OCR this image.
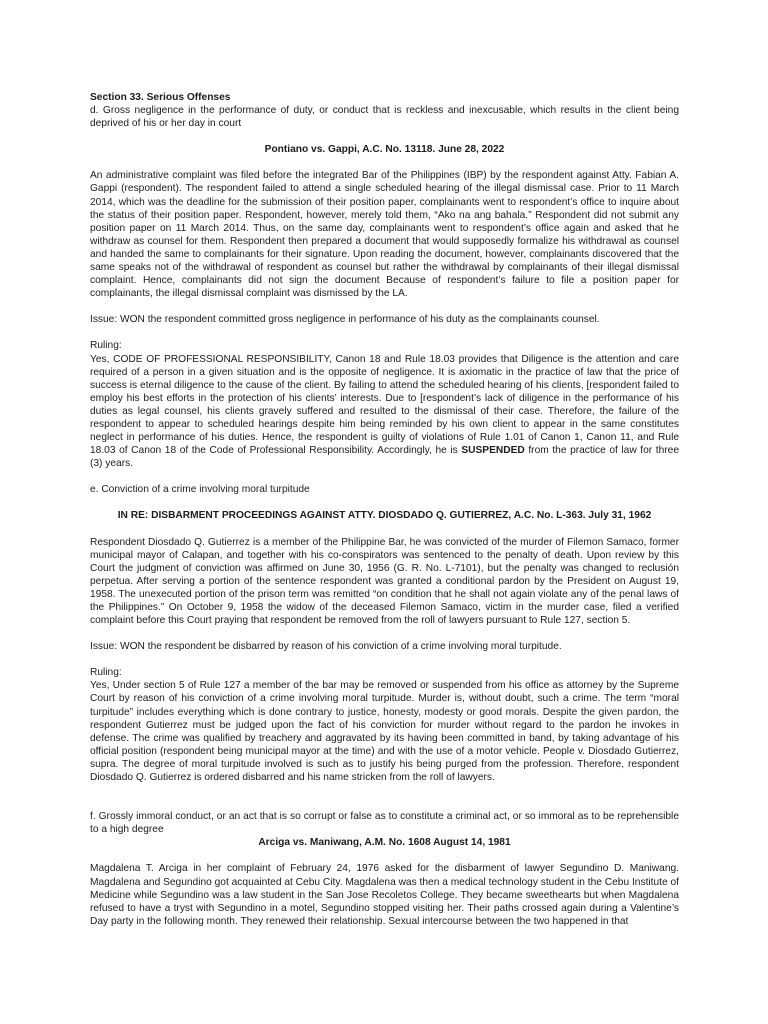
Section 33. Serious Offenses

d. Gross negligence in the performance of duty, or conduct that is reckless and inexcusable, which results in the client being deprived of his or her day in court

Pontiano vs. Gappi, A.C. No. 13118. June 28, 2022

An administrative complaint was filed before the integrated Bar of the Philippines (IBP) by the respondent against Atty. Fabian A. Gappi (respondent). The respondent failed to attend a single scheduled hearing of the illegal dismissal case. Prior to 11 March 2014, which was the deadline for the submission of their position paper, complainants went to respondent’s office to inquire about the status of their position paper. Respondent, however, merely told them, “Ako na ang bahala.” Respondent did not submit any position paper on 11 March 2014. Thus, on the same day, complainants went to respondent’s office again and asked that he withdraw as counsel for them. Respondent then prepared a document that would supposedly formalize his withdrawal as counsel and handed the same to complainants for their signature. Upon reading the document, however, complainants discovered that the same speaks not of the withdrawal of respondent as counsel but rather the withdrawal by complainants of their illegal dismissal complaint. Hence, complainants did not sign the document Because of respondent’s failure to file a position paper for complainants, the illegal dismissal complaint was dismissed by the LA.

Issue: WON the respondent committed gross negligence in performance of his duty as the complainants counsel.

Ruling:

Yes, CODE OF PROFESSIONAL RESPONSIBILITY, Canon 18 and Rule 18.03 provides that Diligence is the attention and care required of a person in a given situation and is the opposite of negligence. It is axiomatic in the practice of law that the price of success is eternal diligence to the cause of the client. By failing to attend the scheduled hearing of his clients, [respondent failed to employ his best efforts in the protection of his clients’ interests. Due to [respondent’s lack of diligence in the performance of his duties as legal counsel, his clients gravely suffered and resulted to the dismissal of their case. Therefore, the failure of the respondent to appear to scheduled hearings despite him being reminded by his own client to appear in the same constitutes neglect in performance of his duties. Hence, the respondent is guilty of violations of Rule 1.01 of Canon 1, Canon 11, and Rule 18.03 of Canon 18 of the Code of Professional Responsibility. Accordingly, he is SUSPENDED from the practice of law for three (3) years.

e. Conviction of a crime involving moral turpitude

IN RE: DISBARMENT PROCEEDINGS AGAINST ATTY. DIOSDADO Q. GUTIERREZ, A.C. No. L-363. July 31, 1962

Respondent Diosdado Q. Gutierrez is a member of the Philippine Bar, he was convicted of the murder of Filemon Samaco, former municipal mayor of Calapan, and together with his co-conspirators was sentenced to the penalty of death. Upon review by this Court the judgment of conviction was affirmed on June 30, 1956 (G. R. No. L-7101), but the penalty was changed to reclusión perpetua. After serving a portion of the sentence respondent was granted a conditional pardon by the President on August 19, 1958. The unexecuted portion of the prison term was remitted “on condition that he shall not again violate any of the penal laws of the Philippines.” On October 9, 1958 the widow of the deceased Filemon Samaco, victim in the murder case, filed a verified complaint before this Court praying that respondent be removed from the roll of lawyers pursuant to Rule 127, section 5.

Issue: WON the respondent be disbarred by reason of his conviction of a crime involving moral turpitude.

Ruling:

Yes, Under section 5 of Rule 127 a member of the bar may be removed or suspended from his office as attorney by the Supreme Court by reason of his conviction of a crime involving moral turpitude. Murder is, without doubt, such a crime. The term “moral turpitude” includes everything which is done contrary to justice, honesty, modesty or good morals. Despite the given pardon, the respondent Gutierrez must be judged upon the fact of his conviction for murder without regard to the pardon he invokes in defense. The crime was qualified by treachery and aggravated by its having been committed in band, by taking advantage of his official position (respondent being municipal mayor at the time) and with the use of a motor vehicle. People v. Diosdado Gutierrez, supra. The degree of moral turpitude involved is such as to justify his being purged from the profession. Therefore, respondent Diosdado Q. Gutierrez is ordered disbarred and his name stricken from the roll of lawyers.

f. Grossly immoral conduct, or an act that is so corrupt or false as to constitute a criminal act, or so immoral as to be reprehensible to a high degree

Arciga vs. Maniwang, A.M. No. 1608 August 14, 1981

Magdalena T. Arciga in her complaint of February 24, 1976 asked for the disbarment of lawyer Segundino D. Maniwang. Magdalena and Segundino got acquainted at Cebu City. Magdalena was then a medical technology student in the Cebu Institute of Medicine while Segundino was a law student in the San Jose Recoletos College. They became sweethearts but when Magdalena refused to have a tryst with Segundino in a motel, Segundino stopped visiting her. Their paths crossed again during a Valentine’s Day party in the following month. They renewed their relationship. Sexual intercourse between the two happened in that
